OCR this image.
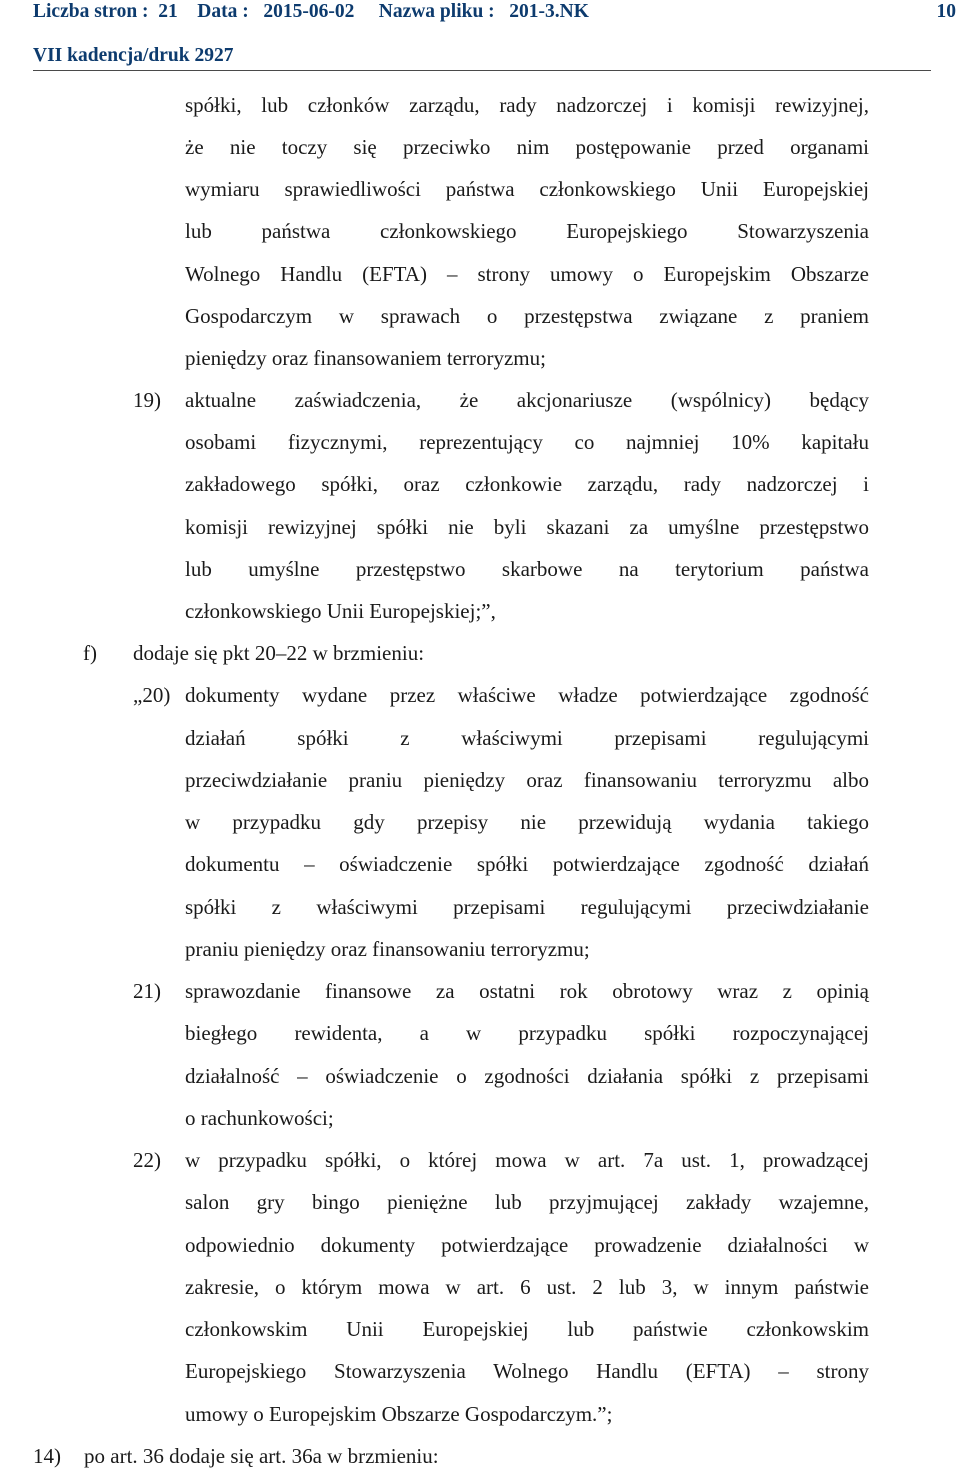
Liczba stron :  21    Data :   2015-06-02     Nazwa pliku :   201-3.NK	10
VII kadencja/druk 2927
spółki, lub członków zarządu, rady nadzorczej i komisji rewizyjnej,
że nie toczy się przeciwko nim postępowanie przed organami
wymiaru sprawiedliwości państwa członkowskiego Unii Europejskiej
lub państwa członkowskiego Europejskiego Stowarzyszenia
Wolnego Handlu (EFTA) – strony umowy o Europejskim Obszarze
Gospodarczym w sprawach o przestępstwa związane z praniem
pieniędzy oraz finansowaniem terroryzmu;
19) aktualne zaświadczenia, że akcjonariusze (wspólnicy) będący
osobami fizycznymi, reprezentujący co najmniej 10% kapitału
zakładowego spółki, oraz członkowie zarządu, rady nadzorczej i
komisji rewizyjnej spółki nie byli skazani za umyślne przestępstwo
lub umyślne przestępstwo skarbowe na terytorium państwa
członkowskiego Unii Europejskiej;”,
f) dodaje się pkt 20–22 w brzmieniu:
„20) dokumenty wydane przez właściwe władze potwierdzające zgodność
działań spółki z właściwymi przepisami regulującymi
przeciwdziałanie praniu pieniędzy oraz finansowaniu terroryzmu albo
w przypadku gdy przepisy nie przewidują wydania takiego
dokumentu – oświadczenie spółki potwierdzające zgodność działań
spółki z właściwymi przepisami regulującymi przeciwdziałanie
praniu pieniędzy oraz finansowaniu terroryzmu;
21) sprawozdanie finansowe za ostatni rok obrotowy wraz z opinią
biegłego rewidenta, a w przypadku spółki rozpoczynającej
działalność – oświadczenie o zgodności działania spółki z przepisami
o rachunkowości;
22) w przypadku spółki, o której mowa w art. 7a ust. 1, prowadzącej
salon gry bingo pieniężne lub przyjmującej zakłady wzajemne,
odpowiednio dokumenty potwierdzające prowadzenie działalności w
zakresie, o którym mowa w art. 6 ust. 2 lub 3, w innym państwie
członkowskim Unii Europejskiej lub państwie członkowskim
Europejskiego Stowarzyszenia Wolnego Handlu (EFTA) – strony
umowy o Europejskim Obszarze Gospodarczym.”;
14) po art. 36 dodaje się art. 36a w brzmieniu:
